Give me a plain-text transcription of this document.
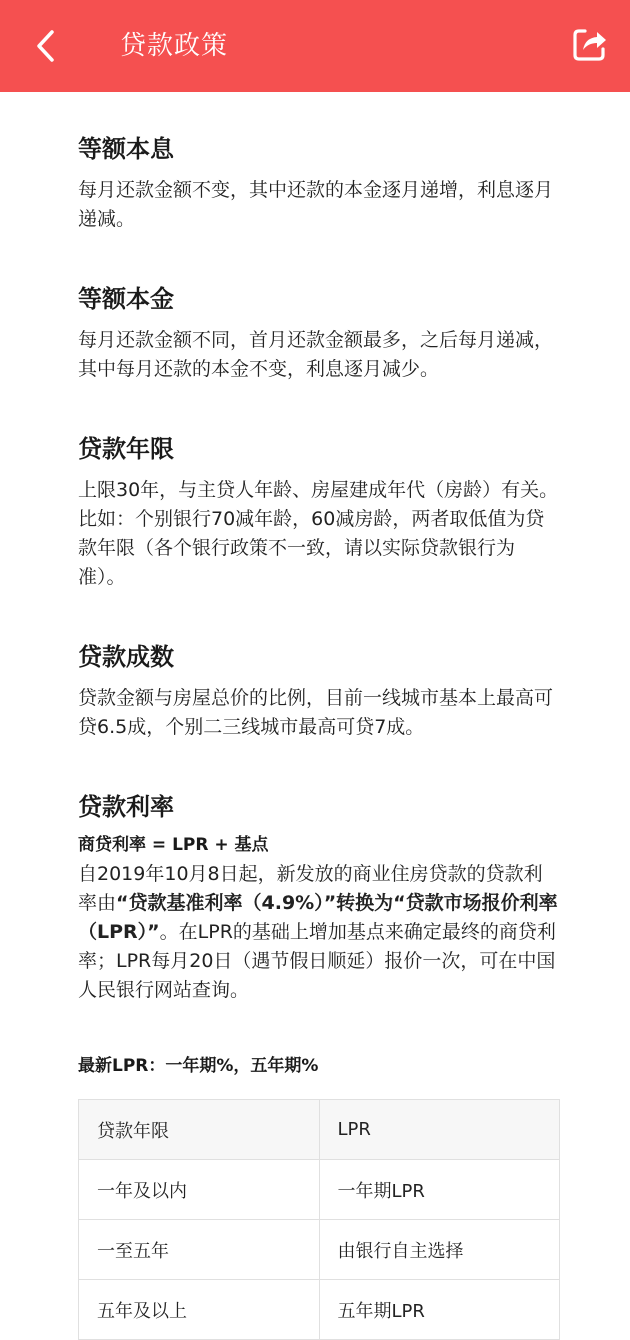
贷款政策
等额本息

每月还款金额不变，其中还款的本金逐月递增，利息逐月递减。

等额本金

每月还款金额不同，首月还款金额最多，之后每月递减，其中每月还款的本金不变，利息逐月减少。

贷款年限

上限30年，与主贷人年龄、房屋建成年代（房龄）有关。比如：个别银行70减年龄，60减房龄，两者取低值为贷款年限（各个银行政策不一致，请以实际贷款银行为准）。

贷款成数

贷款金额与房屋总价的比例，目前一线城市基本上最高可贷6.5成，个别二三线城市最高可贷7成。

贷款利率

商贷利率 = LPR + 基点

自2019年10月8日起，新发放的商业住房贷款的贷款利率由“贷款基准利率（4.9%）”转换为“贷款市场报价利率（LPR）”。在LPR的基础上增加基点来确定最终的商贷利率；LPR每月20日（遇节假日顺延）报价一次，可在中国人民银行网站查询。

最新LPR：一年期%，五年期%

贷款年限	LPR
一年及以内	一年期LPR
一至五年	由银行自主选择
五年及以上	五年期LPR
